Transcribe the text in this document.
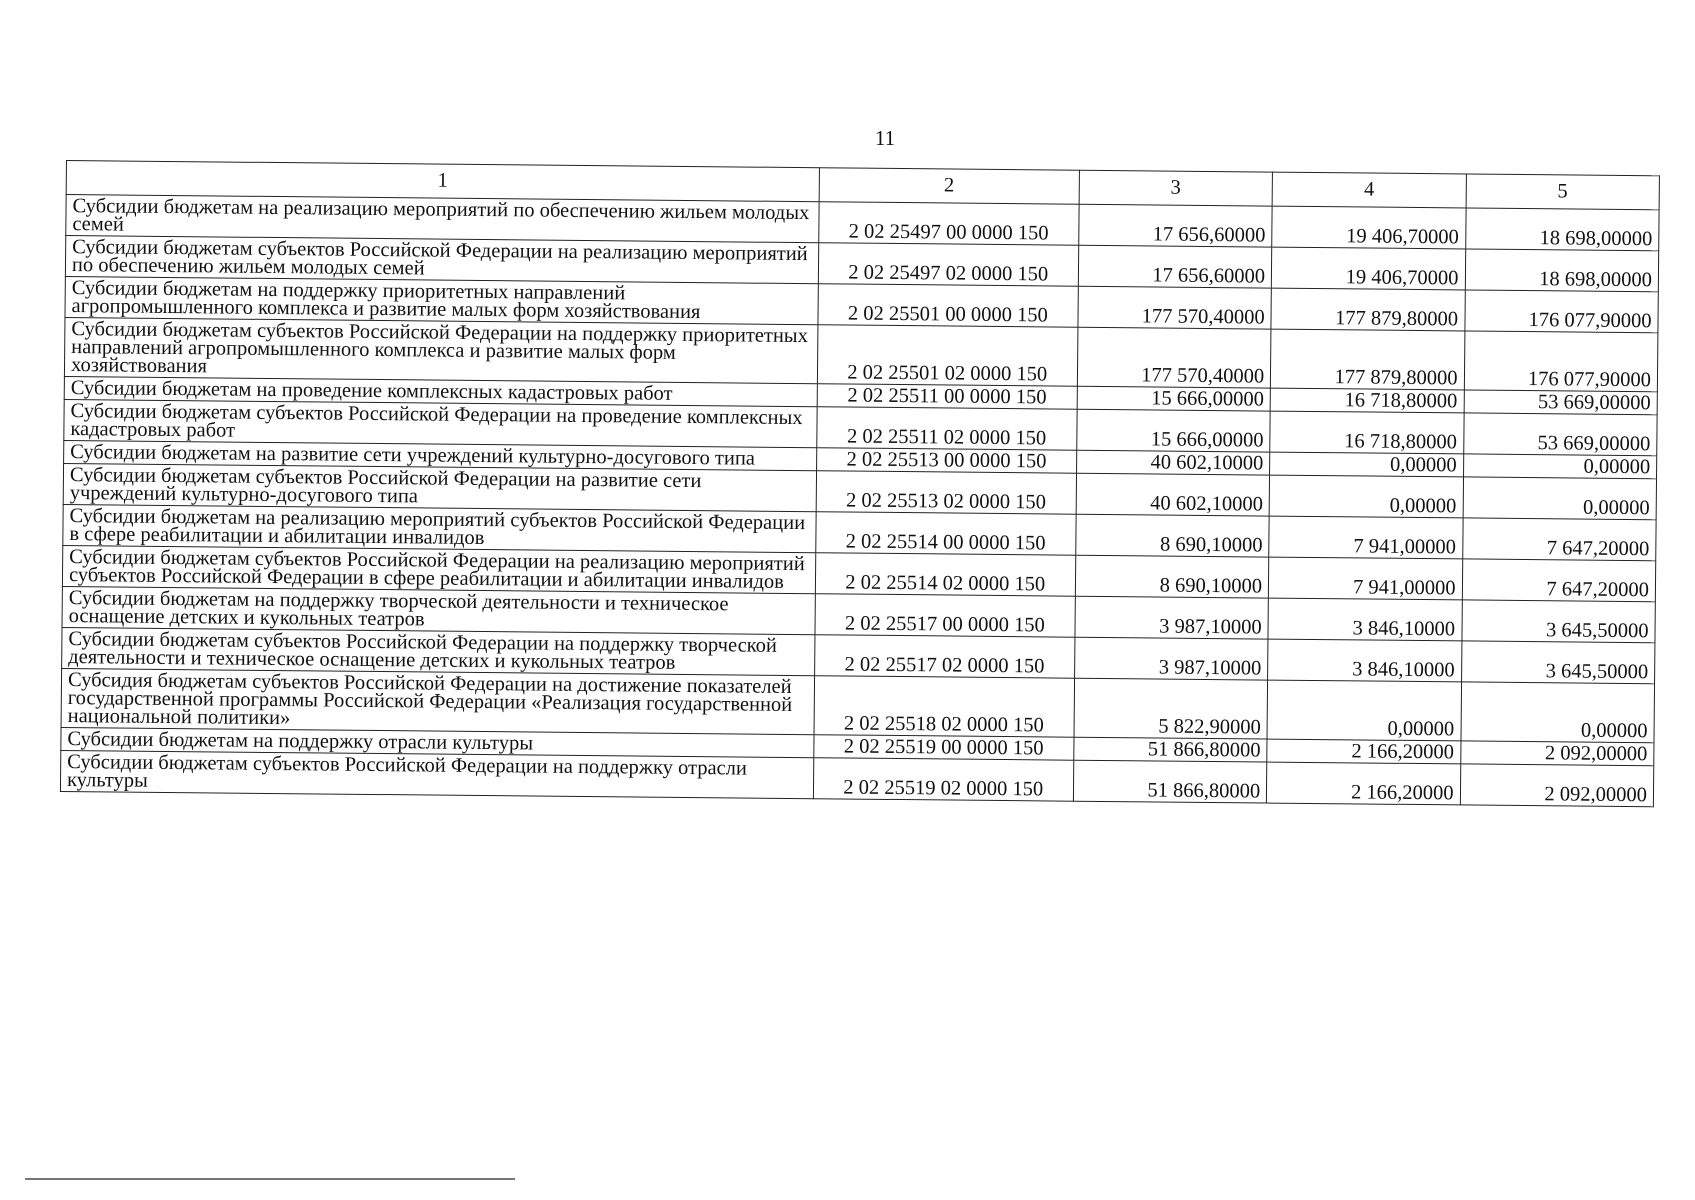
11
1	2	3	4	5
Субсидии бюджетам на реализацию мероприятий по обеспечению жильем молодых семей	2 02 25497 00 0000 150	17 656,60000	19 406,70000	18 698,00000
Субсидии бюджетам субъектов Российской Федерации на реализацию мероприятий по обеспечению жильем молодых семей	2 02 25497 02 0000 150	17 656,60000	19 406,70000	18 698,00000
Субсидии бюджетам на поддержку приоритетных направлений агропромышленного комплекса и развитие малых форм хозяйствования	2 02 25501 00 0000 150	177 570,40000	177 879,80000	176 077,90000
Субсидии бюджетам субъектов Российской Федерации на поддержку приоритетных направлений агропромышленного комплекса и развитие малых форм хозяйствования	2 02 25501 02 0000 150	177 570,40000	177 879,80000	176 077,90000
Субсидии бюджетам на проведение комплексных кадастровых работ	2 02 25511 00 0000 150	15 666,00000	16 718,80000	53 669,00000
Субсидии бюджетам субъектов Российской Федерации на проведение комплексных кадастровых работ	2 02 25511 02 0000 150	15 666,00000	16 718,80000	53 669,00000
Субсидии бюджетам на развитие сети учреждений культурно-досугового типа	2 02 25513 00 0000 150	40 602,10000	0,00000	0,00000
Субсидии бюджетам субъектов Российской Федерации на развитие сети учреждений культурно-досугового типа	2 02 25513 02 0000 150	40 602,10000	0,00000	0,00000
Субсидии бюджетам на реализацию мероприятий субъектов Российской Федерации в сфере реабилитации и абилитации инвалидов	2 02 25514 00 0000 150	8 690,10000	7 941,00000	7 647,20000
Субсидии бюджетам субъектов Российской Федерации на реализацию мероприятий субъектов Российской Федерации в сфере реабилитации и абилитации инвалидов	2 02 25514 02 0000 150	8 690,10000	7 941,00000	7 647,20000
Субсидии бюджетам на поддержку творческой деятельности и техническое оснащение детских и кукольных театров	2 02 25517 00 0000 150	3 987,10000	3 846,10000	3 645,50000
Субсидии бюджетам субъектов Российской Федерации на поддержку творческой деятельности и техническое оснащение детских и кукольных театров	2 02 25517 02 0000 150	3 987,10000	3 846,10000	3 645,50000
Субсидия бюджетам субъектов Российской Федерации на достижение показателей государственной программы Российской Федерации «Реализация государственной национальной политики»	2 02 25518 02 0000 150	5 822,90000	0,00000	0,00000
Субсидии бюджетам на поддержку отрасли культуры	2 02 25519 00 0000 150	51 866,80000	2 166,20000	2 092,00000
Субсидии бюджетам субъектов Российской Федерации на поддержку отрасли культуры	2 02 25519 02 0000 150	51 866,80000	2 166,20000	2 092,00000
